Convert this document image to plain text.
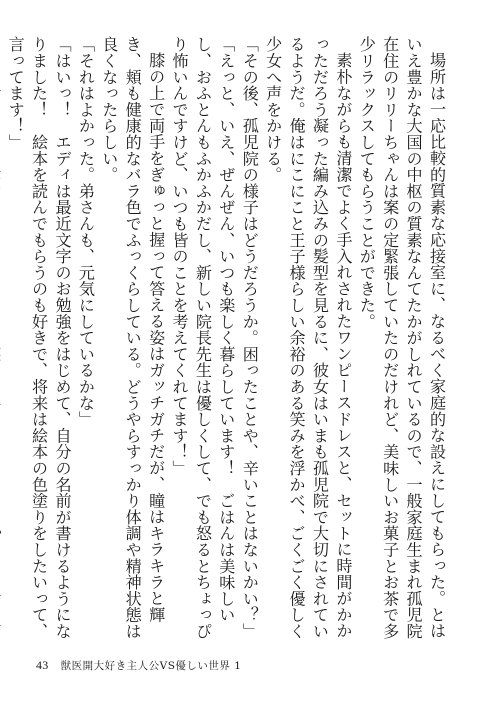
場所は一応比較的質素な応接室に、なるべく家庭的な設えにしてもらった。とはいえ豊かな大国の中枢の質素なんてたかがしれているので、一般家庭生まれ孤児院在住のリリーちゃんは案の定緊張していたのだけれど、美味しいお菓子とお茶で多少リラックスしてもらうことができた。

素朴ながらも清潔でよく手入れされたワンピースドレスと、セットに時間がかかっただろう凝った編み込みの髪型を見るに、彼女はいまも孤児院で大切にされているようだ。俺はにこにこと王子様らしい余裕のある笑みを浮かべ、ごくごく優しく少女へ声をかける。

「その後、孤児院の様子はどうだろうか。困ったことや、辛いことはないかい？」

「えっと、いえ、ぜんぜん、いつも楽しく暮らしています！　ごはんは美味しいし、おふとんもふかふかだし、新しい院長先生は優しくして、でも怒るとちょっぴり怖いんですけど、いつも皆のことを考えてくれてます！」

膝の上で両手をぎゅっと握って答える姿はガッチガチだが、瞳はキラキラと輝き、頬も健康的なバラ色でふっくらしている。どうやらすっかり体調や精神状態は良くなったらしい。

「それはよかった。弟さんも、元気にしているかな」

「はいっ！　エディは最近文字のお勉強をはじめて、自分の名前が書けるようになりました！　絵本を読んでもらうのも好きで、将来は絵本の色塗りをしたいって、言ってます！」

43 獣医開大好き主人公VS優しい世界 1
